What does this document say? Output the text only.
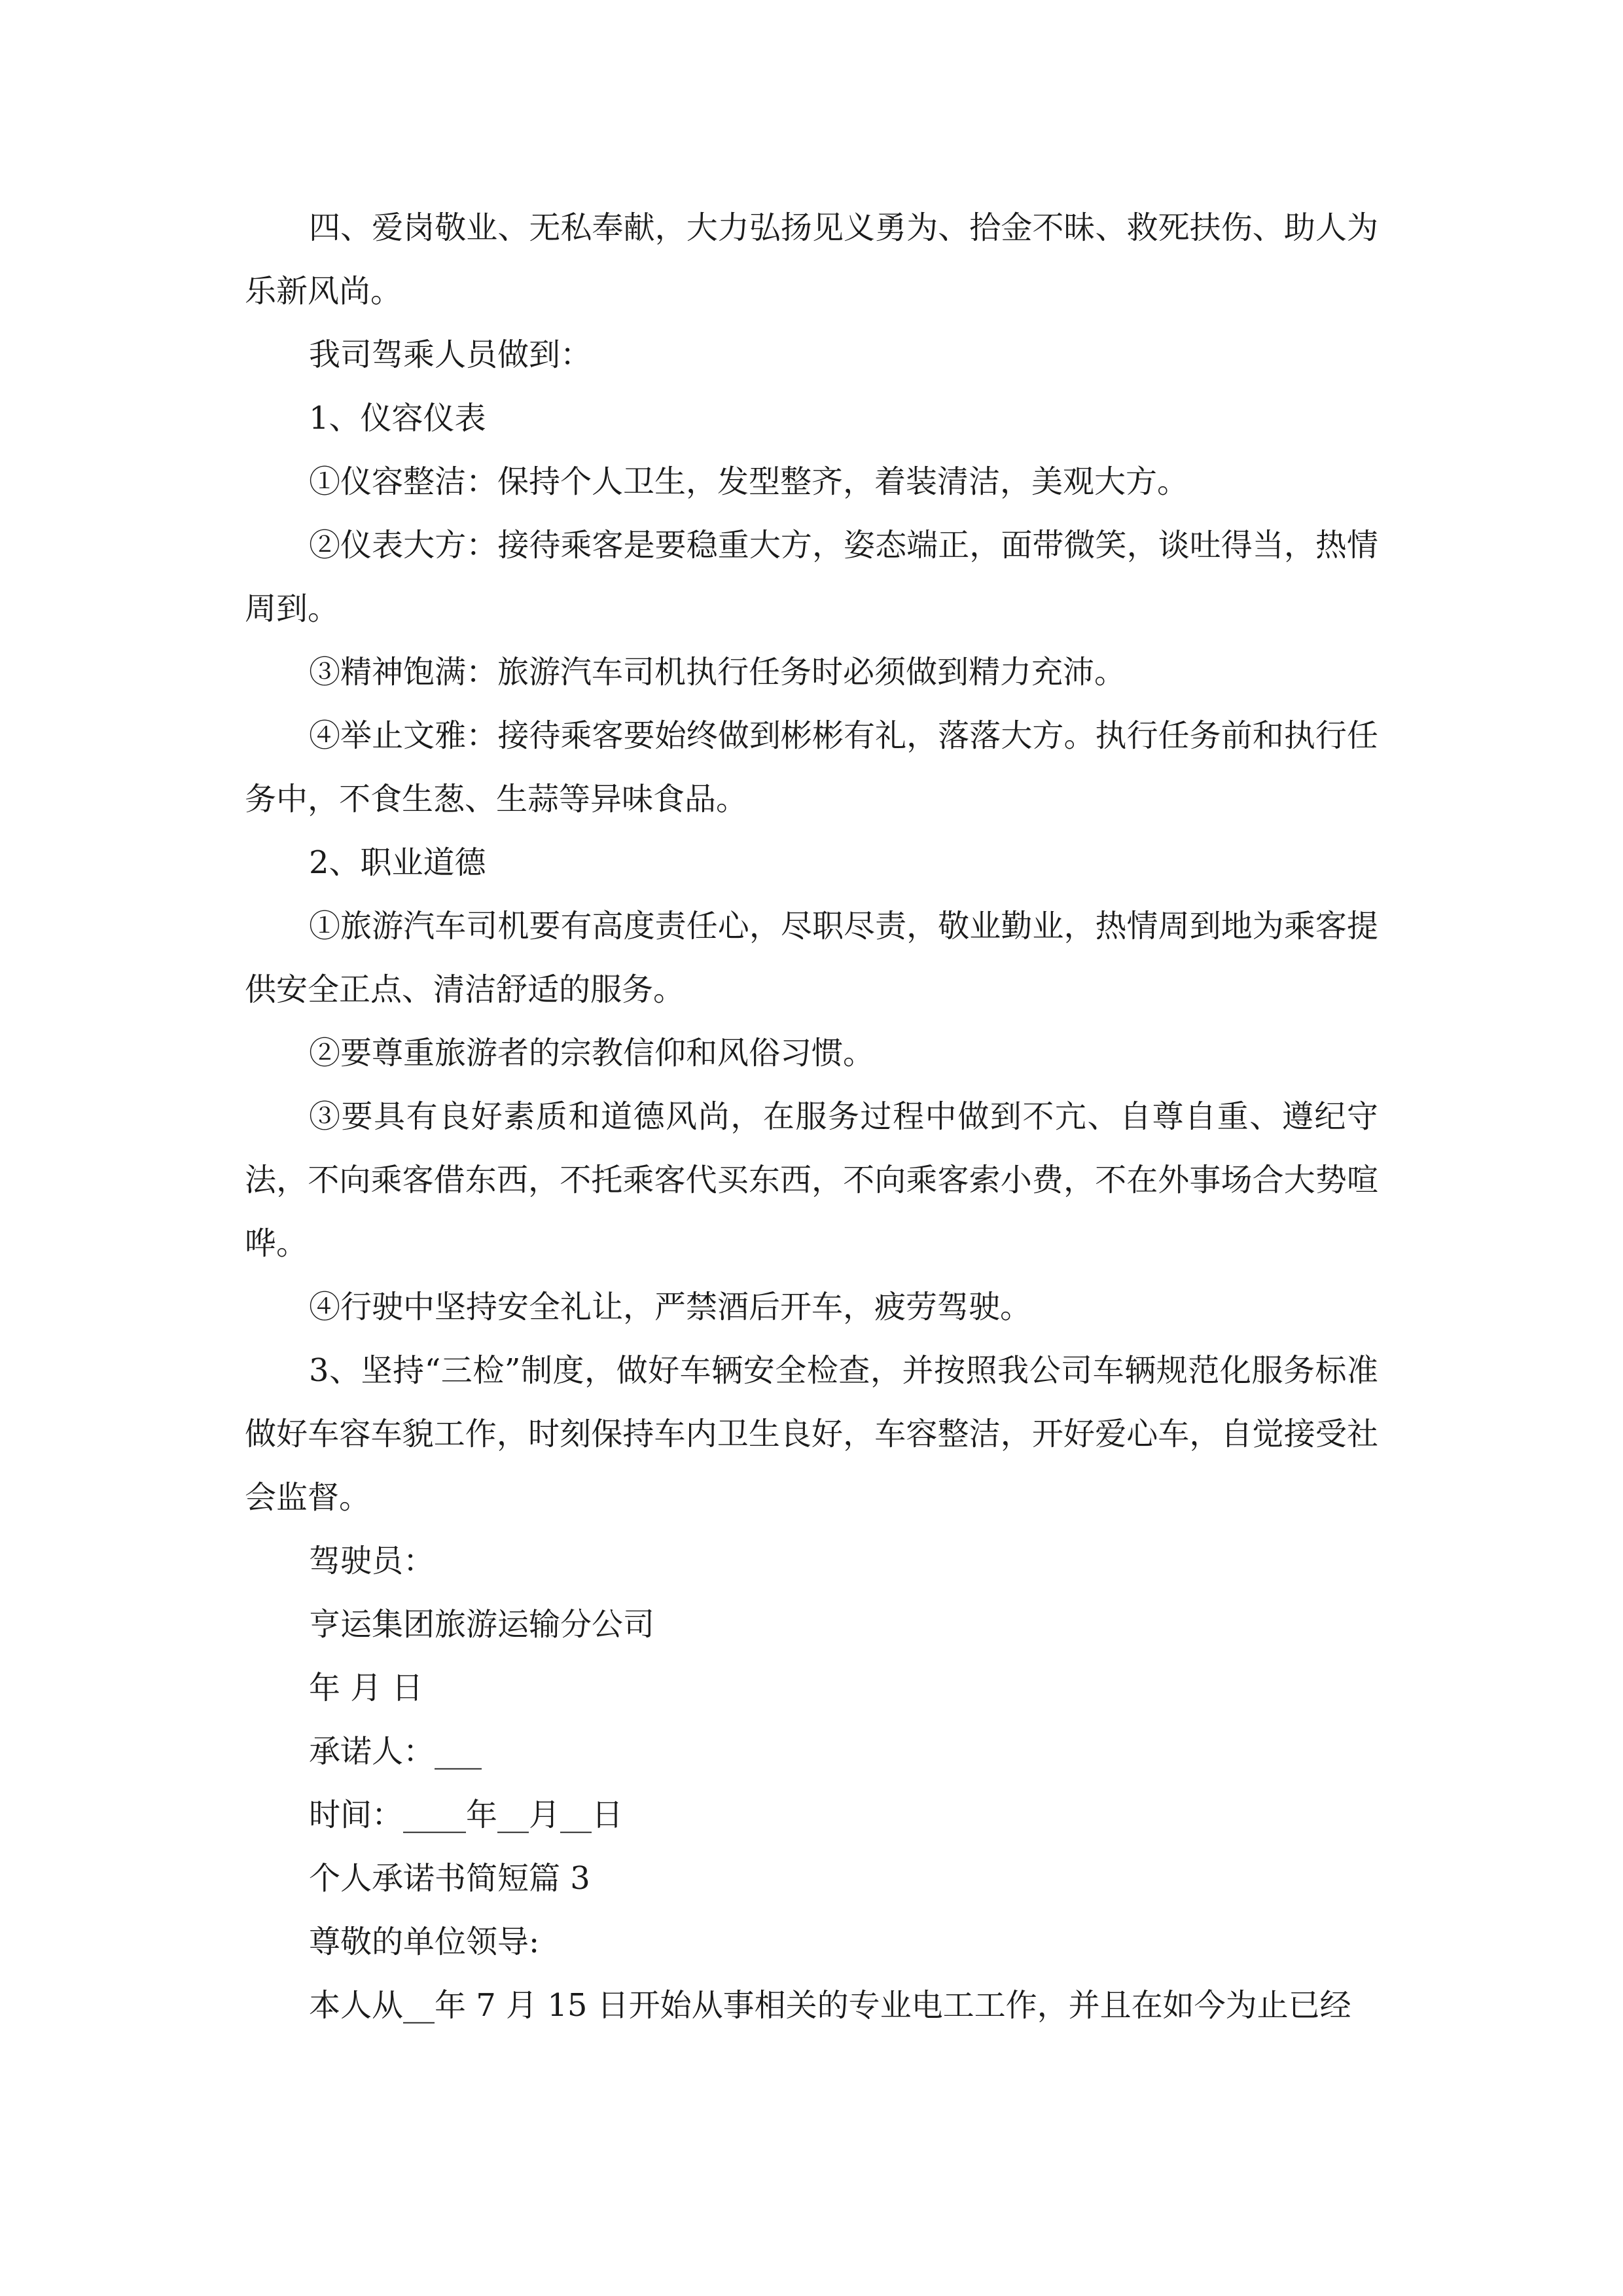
四、爱岗敬业、无私奉献，大力弘扬见义勇为、拾金不昧、救死扶伤、助人为乐新风尚。

我司驾乘人员做到：

1、仪容仪表

①仪容整洁：保持个人卫生，发型整齐，着装清洁，美观大方。

②仪表大方：接待乘客是要稳重大方，姿态端正，面带微笑，谈吐得当，热情周到。

③精神饱满：旅游汽车司机执行任务时必须做到精力充沛。

④举止文雅：接待乘客要始终做到彬彬有礼，落落大方。执行任务前和执行任务中，不食生葱、生蒜等异味食品。

2、职业道德

①旅游汽车司机要有高度责任心，尽职尽责，敬业勤业，热情周到地为乘客提供安全正点、清洁舒适的服务。

②要尊重旅游者的宗教信仰和风俗习惯。

③要具有良好素质和道德风尚，在服务过程中做到不亢、自尊自重、遵纪守法，不向乘客借东西，不托乘客代买东西，不向乘客索小费，不在外事场合大势喧哗。

④行驶中坚持安全礼让，严禁酒后开车，疲劳驾驶。

3、坚持“三检”制度，做好车辆安全检查，并按照我公司车辆规范化服务标准做好车容车貌工作，时刻保持车内卫生良好，车容整洁，开好爱心车，自觉接受社会监督。

驾驶员：

亨运集团旅游运输分公司

年 月 日

承诺人：___

时间：____年__月__日

个人承诺书简短篇 3

尊敬的单位领导:

本人从__年 7 月 15 日开始从事相关的专业电工工作，并且在如今为止已经
